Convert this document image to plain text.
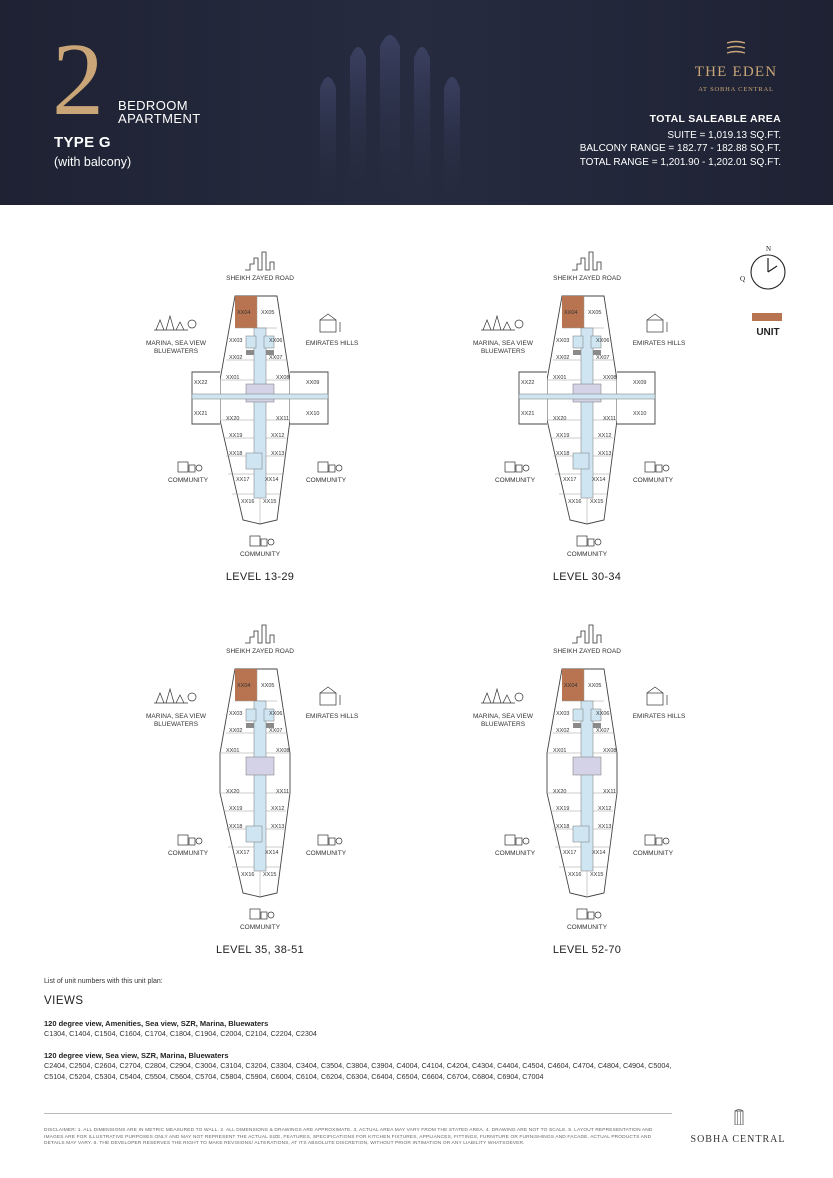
2 BEDROOM
APARTMENT
TYPE G
(with balcony)
THE EDEN
AT SOBHA CENTRAL
TOTAL SALEABLE AREA
SUITE = 1,019.13 SQ.FT.
BALCONY RANGE = 182.77 - 182.88 SQ.FT.
TOTAL RANGE = 1,201.90 - 1,202.01 SQ.FT.
N
Q
UNIT
XX04 XX05
XX03	XX06
XX02	XX07
XX01	XX08
XX20	XX11
XX19	XX12
XX18	XX13
XX17	XX14
XX16 XX15
XX22	XX09
XX21	XX10
SHEIKH ZAYED ROAD
MARINA, SEA VIEW
BLUEWATERS
EMIRATES HILLS
COMMUNITY	COMMUNITY
COMMUNITY
LEVEL 13-29
XX04 XX05
XX03	XX06
XX02	XX07
XX01	XX08
XX20	XX11
XX19	XX12
XX18	XX13
XX17	XX14
XX16 XX15
XX22	XX09
XX21	XX10
SHEIKH ZAYED ROAD
MARINA, SEA VIEW
BLUEWATERS
EMIRATES HILLS
COMMUNITY	COMMUNITY
COMMUNITY
LEVEL 30-34
XX04 XX05
XX03	XX06
XX02	XX07
XX01	XX08
XX20	XX11
XX19	XX12
XX18	XX13
XX17	XX14
XX16 XX15
SHEIKH ZAYED ROAD
MARINA, SEA VIEW
BLUEWATERS
EMIRATES HILLS
COMMUNITY	COMMUNITY
COMMUNITY
LEVEL 35, 38-51
XX04 XX05
XX03	XX06
XX02	XX07
XX01	XX08
XX20	XX11
XX19	XX12
XX18	XX13
XX17	XX14
XX16 XX15
SHEIKH ZAYED ROAD
MARINA, SEA VIEW
BLUEWATERS
EMIRATES HILLS
COMMUNITY	COMMUNITY
COMMUNITY
LEVEL 52-70
List of unit numbers with this unit plan:
VIEWS
120 degree view, Amenities, Sea view, SZR, Marina, Bluewaters
C1304, C1404, C1504, C1604, C1704, C1804, C1904, C2004, C2104, C2204, C2304
120 degree view, Sea view, SZR, Marina, Bluewaters
C2404, C2504, C2604, C2704, C2804, C2904, C3004, C3104, C3204, C3304, C3404, C3504, C3804, C3904, C4004, C4104, C4204, C4304, C4404, C4504, C4604, C4704, C4804, C4904, C5004, C5104, C5204, C5304, C5404, C5504, C5604, C5704, C5804, C5904, C6004, C6104, C6204, C6304, C6404, C6504, C6604, C6704, C6804, C6904, C7004
DISCLAIMER: 1. ALL DIMENSIONS ARE IN METRIC MEASURED TO WALL. 2. ALL DIMENSIONS & DRAWINGS ARE APPROXIMATE. 3. ACTUAL AREA MAY VARY FROM THE STATED AREA. 4. DRAWING ARE NOT TO SCALE. 5. LAYOUT REPRESENTATION AND IMAGES ARE FOR ILLUSTRATIVE PURPOSES ONLY AND MAY NOT REPRESENT THE ACTUAL SIZE, FEATURES, SPECIFICATIONS FOR KITCHEN FIXTURES, APPLIANCES, FITTINGS, FURNITURE OR FURNISHINGS AND FACADE. ACTUAL PRODUCTS AND DETAILS MAY VARY. 6. THE DEVELOPER RESERVES THE RIGHT TO MAKE REVISIONS/ ALTERATIONS, AT ITS ABSOLUTE DISCRETION, WITHOUT PRIOR INTIMATION OR ANY LIABILITY WHATSOEVER.	SOBHA CENTRAL
